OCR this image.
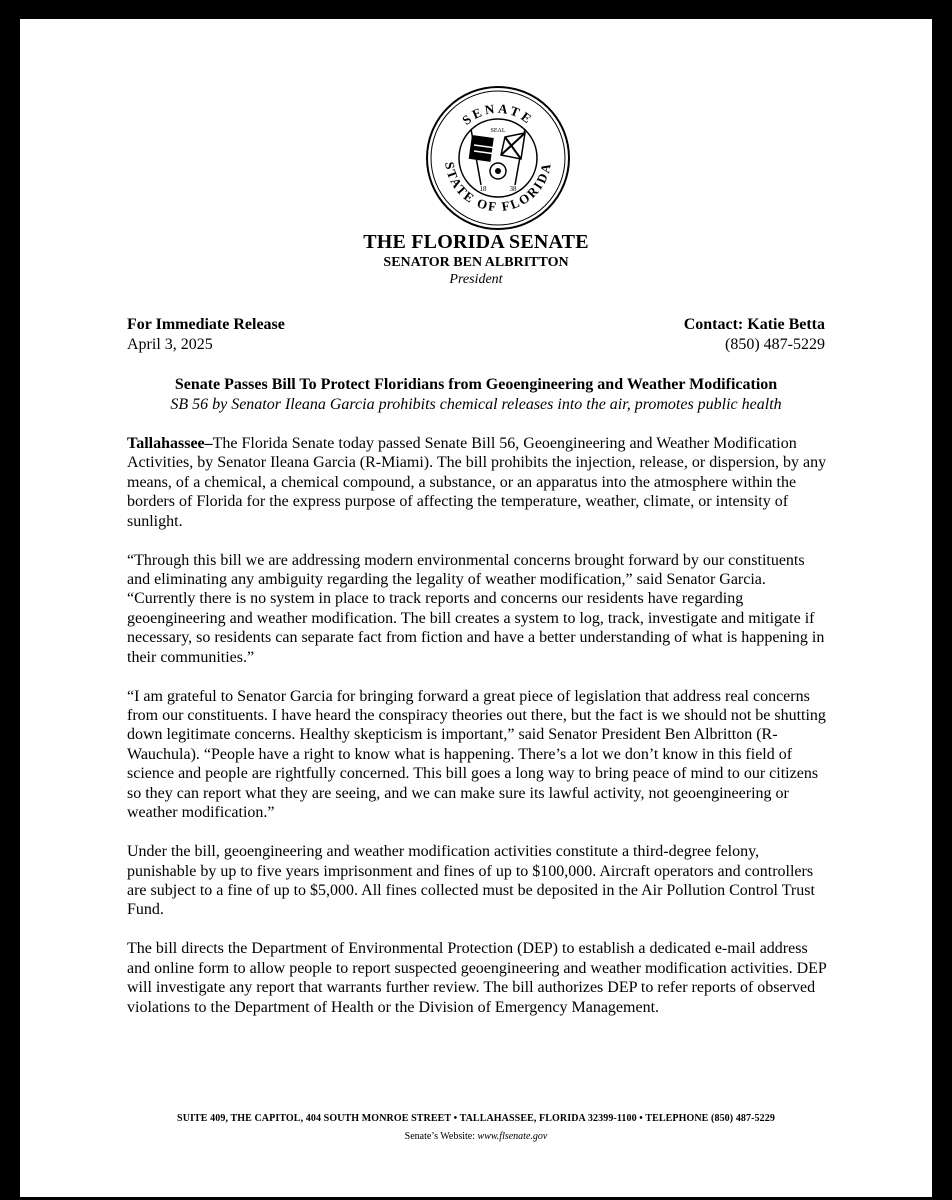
SENATE
STATE OF FLORIDA
SEAL
18	38
THE FLORIDA SENATE
SENATOR BEN ALBRITTON
President
For Immediate Release
April 3, 2025
Contact: Katie Betta
(850) 487-5229
Senate Passes Bill To Protect Floridians from Geoengineering and Weather Modification
SB 56 by Senator Ileana Garcia prohibits chemical releases into the air, promotes public health

Tallahassee–The Florida Senate today passed Senate Bill 56, Geoengineering and Weather Modification Activities, by Senator Ileana Garcia (R-Miami). The bill prohibits the injection, release, or dispersion, by any means, of a chemical, a chemical compound, a substance, or an apparatus into the atmosphere within the borders of Florida for the express purpose of affecting the temperature, weather, climate, or intensity of sunlight.

“Through this bill we are addressing modern environmental concerns brought forward by our constituents and eliminating any ambiguity regarding the legality of weather modification,” said Senator Garcia. “Currently there is no system in place to track reports and concerns our residents have regarding geoengineering and weather modification. The bill creates a system to log, track, investigate and mitigate if necessary, so residents can separate fact from fiction and have a better understanding of what is happening in their communities.”

“I am grateful to Senator Garcia for bringing forward a great piece of legislation that address real concerns from our constituents. I have heard the conspiracy theories out there, but the fact is we should not be shutting down legitimate concerns. Healthy skepticism is important,” said Senator President Ben Albritton (R-Wauchula). “People have a right to know what is happening. There’s a lot we don’t know in this field of science and people are rightfully concerned. This bill goes a long way to bring peace of mind to our citizens so they can report what they are seeing, and we can make sure its lawful activity, not geoengineering or weather modification.”

Under the bill, geoengineering and weather modification activities constitute a third-degree felony, punishable by up to five years imprisonment and fines of up to $100,000. Aircraft operators and controllers are subject to a fine of up to $5,000. All fines collected must be deposited in the Air Pollution Control Trust Fund.

The bill directs the Department of Environmental Protection (DEP) to establish a dedicated e-mail address and online form to allow people to report suspected geoengineering and weather modification activities. DEP will investigate any report that warrants further review. The bill authorizes DEP to refer reports of observed violations to the Department of Health or the Division of Emergency Management.

SUITE 409, THE CAPITOL, 404 SOUTH MONROE STREET • TALLAHASSEE, FLORIDA 32399-1100 • TELEPHONE (850) 487-5229
Senate’s Website: www.flsenate.gov
